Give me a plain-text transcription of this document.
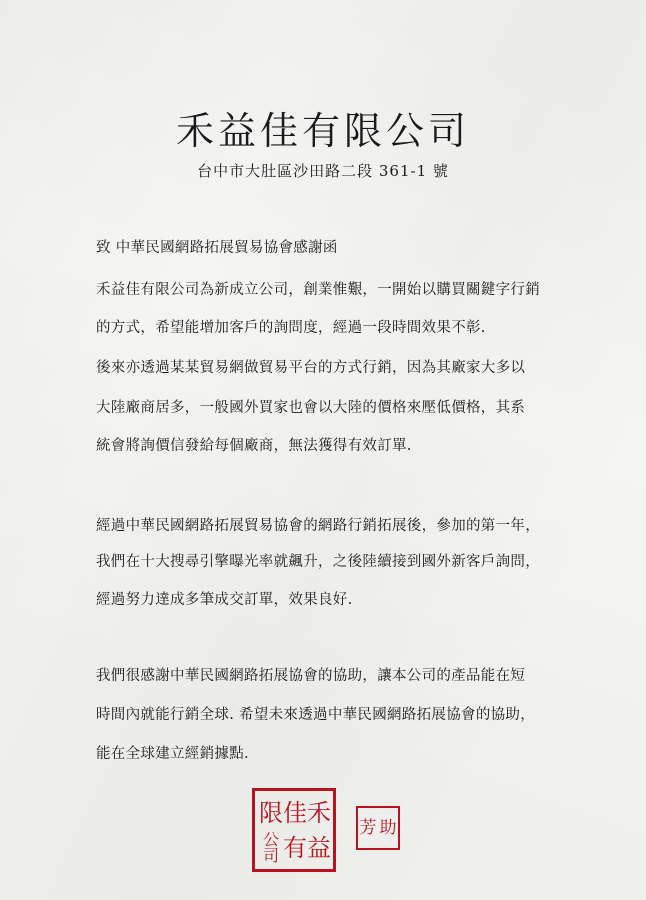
禾益佳有限公司
台中市大肚區沙田路二段 361-1 號
致 中華民國網路拓展貿易協會感謝函
禾益佳有限公司為新成立公司，創業惟艱，一開始以購買關鍵字行銷
的方式，希望能增加客戶的詢問度，經過一段時間效果不彰.
後來亦透過某某貿易網做貿易平台的方式行銷，因為其廠家大多以
大陸廠商居多，一般國外買家也會以大陸的價格來壓低價格，其系
統會將詢價信發給每個廠商，無法獲得有效訂單.
經過中華民國網路拓展貿易協會的網路行銷拓展後，參加的第一年，
我們在十大搜尋引擎曝光率就飆升，之後陸續接到國外新客戶詢問，
經過努力達成多筆成交訂單，效果良好.
我們很感謝中華民國網路拓展協會的協助，讓本公司的產品能在短
時間內就能行銷全球. 希望未來透過中華民國網路拓展協會的協助，
能在全球建立經銷據點.
限 佳 禾
公司 有 益
芳 助
